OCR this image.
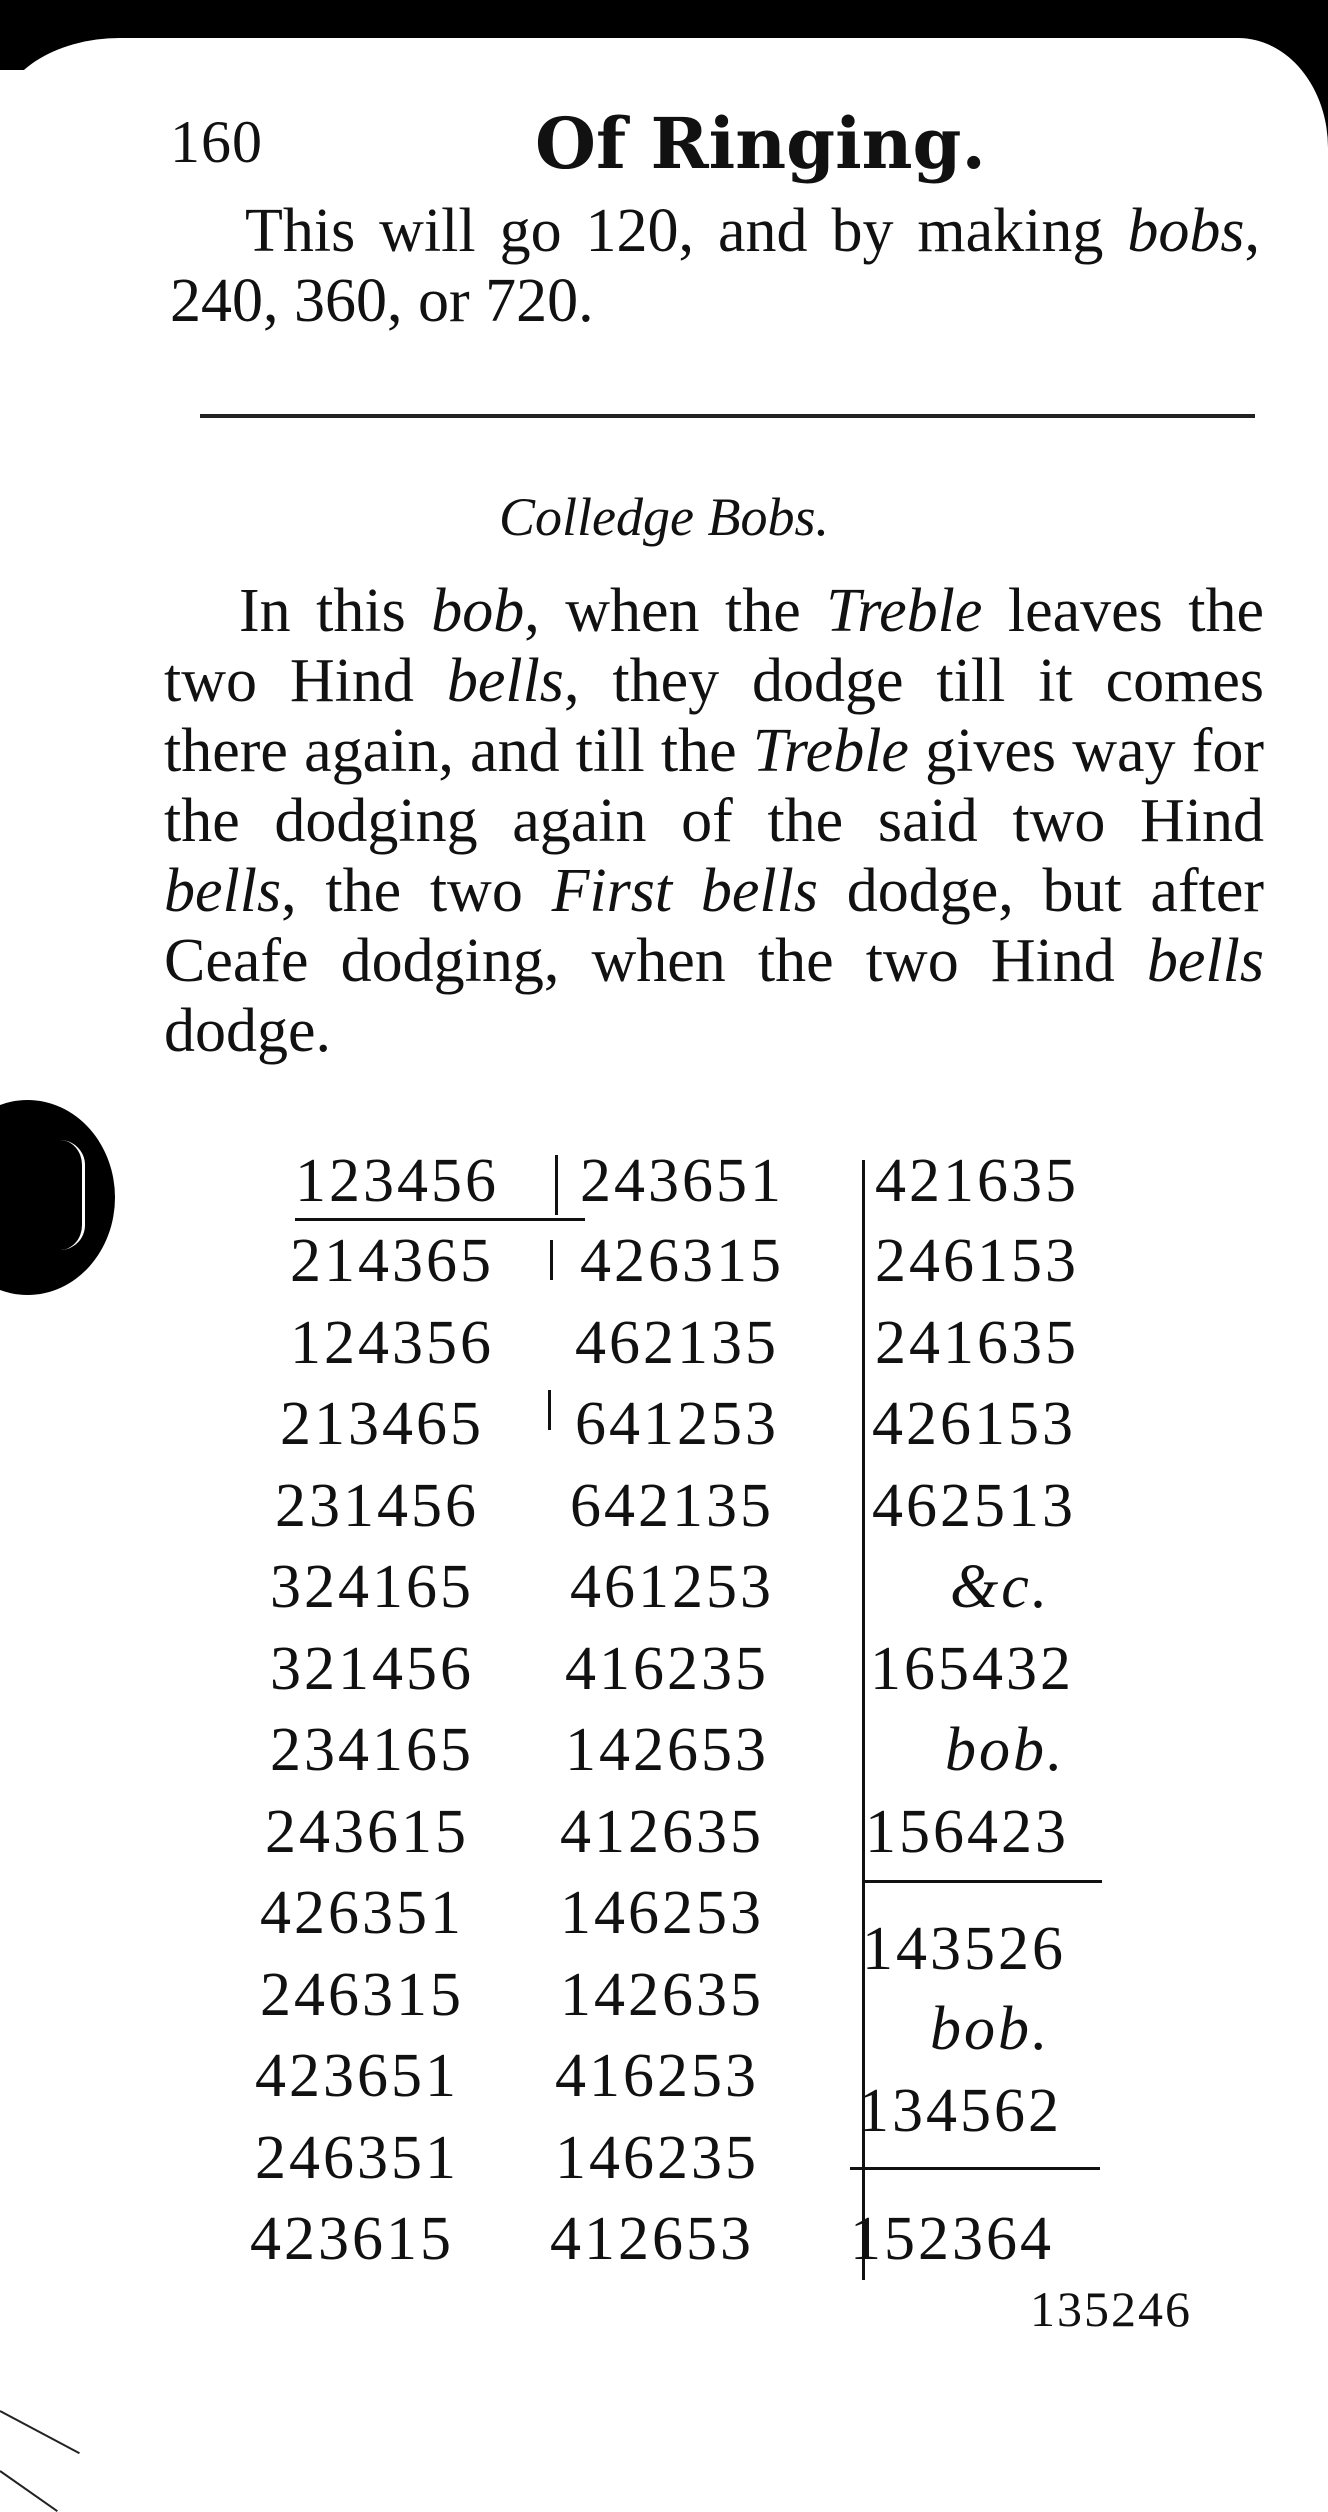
160	Of Ringing.

This will go 120, and by making bobs, 240, 360, or 720.

Colledge Bobs.

In this bob, when the Treble leaves the two Hind bells, they dodge till it comes there again, and till the Treble gives way for the dodging again of the said two Hind bells, the two First bells dodge, but after Ceafe dodging, when the two Hind bells dodge.

123456
214365
124356
213465
231456
324165
321456
234165
243615
426351
246315
423651
246351
423615
243651
426315
462135
641253
642135
461253
416235
142653
412635
146253
142635
416253
146235
412653
421635
246153
241635
426153
462513
&c.
165432
bob.
156423
143526
bob.
134562
152364
135246
